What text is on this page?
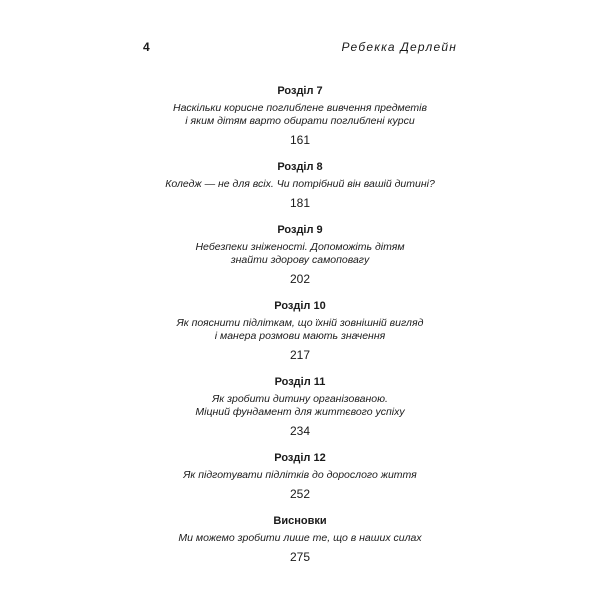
4	Ребекка Дерлейн
Розділ 7
Наскільки корисне поглиблене вивчення предметів
і яким дітям варто обирати поглиблені курси
161
Розділ 8
Коледж — не для всіх. Чи потрібний він вашій дитині?
181
Розділ 9
Небезпеки зніженості. Допоможіть дітям
знайти здорову самоповагу
202
Розділ 10
Як пояснити підліткам, що їхній зовнішній вигляд
і манера розмови мають значення
217
Розділ 11
Як зробити дитину організованою.
Міцний фундамент для життєвого успіху
234
Розділ 12
Як підготувати підлітків до дорослого життя
252
Висновки
Ми можемо зробити лише те, що в наших силах
275
